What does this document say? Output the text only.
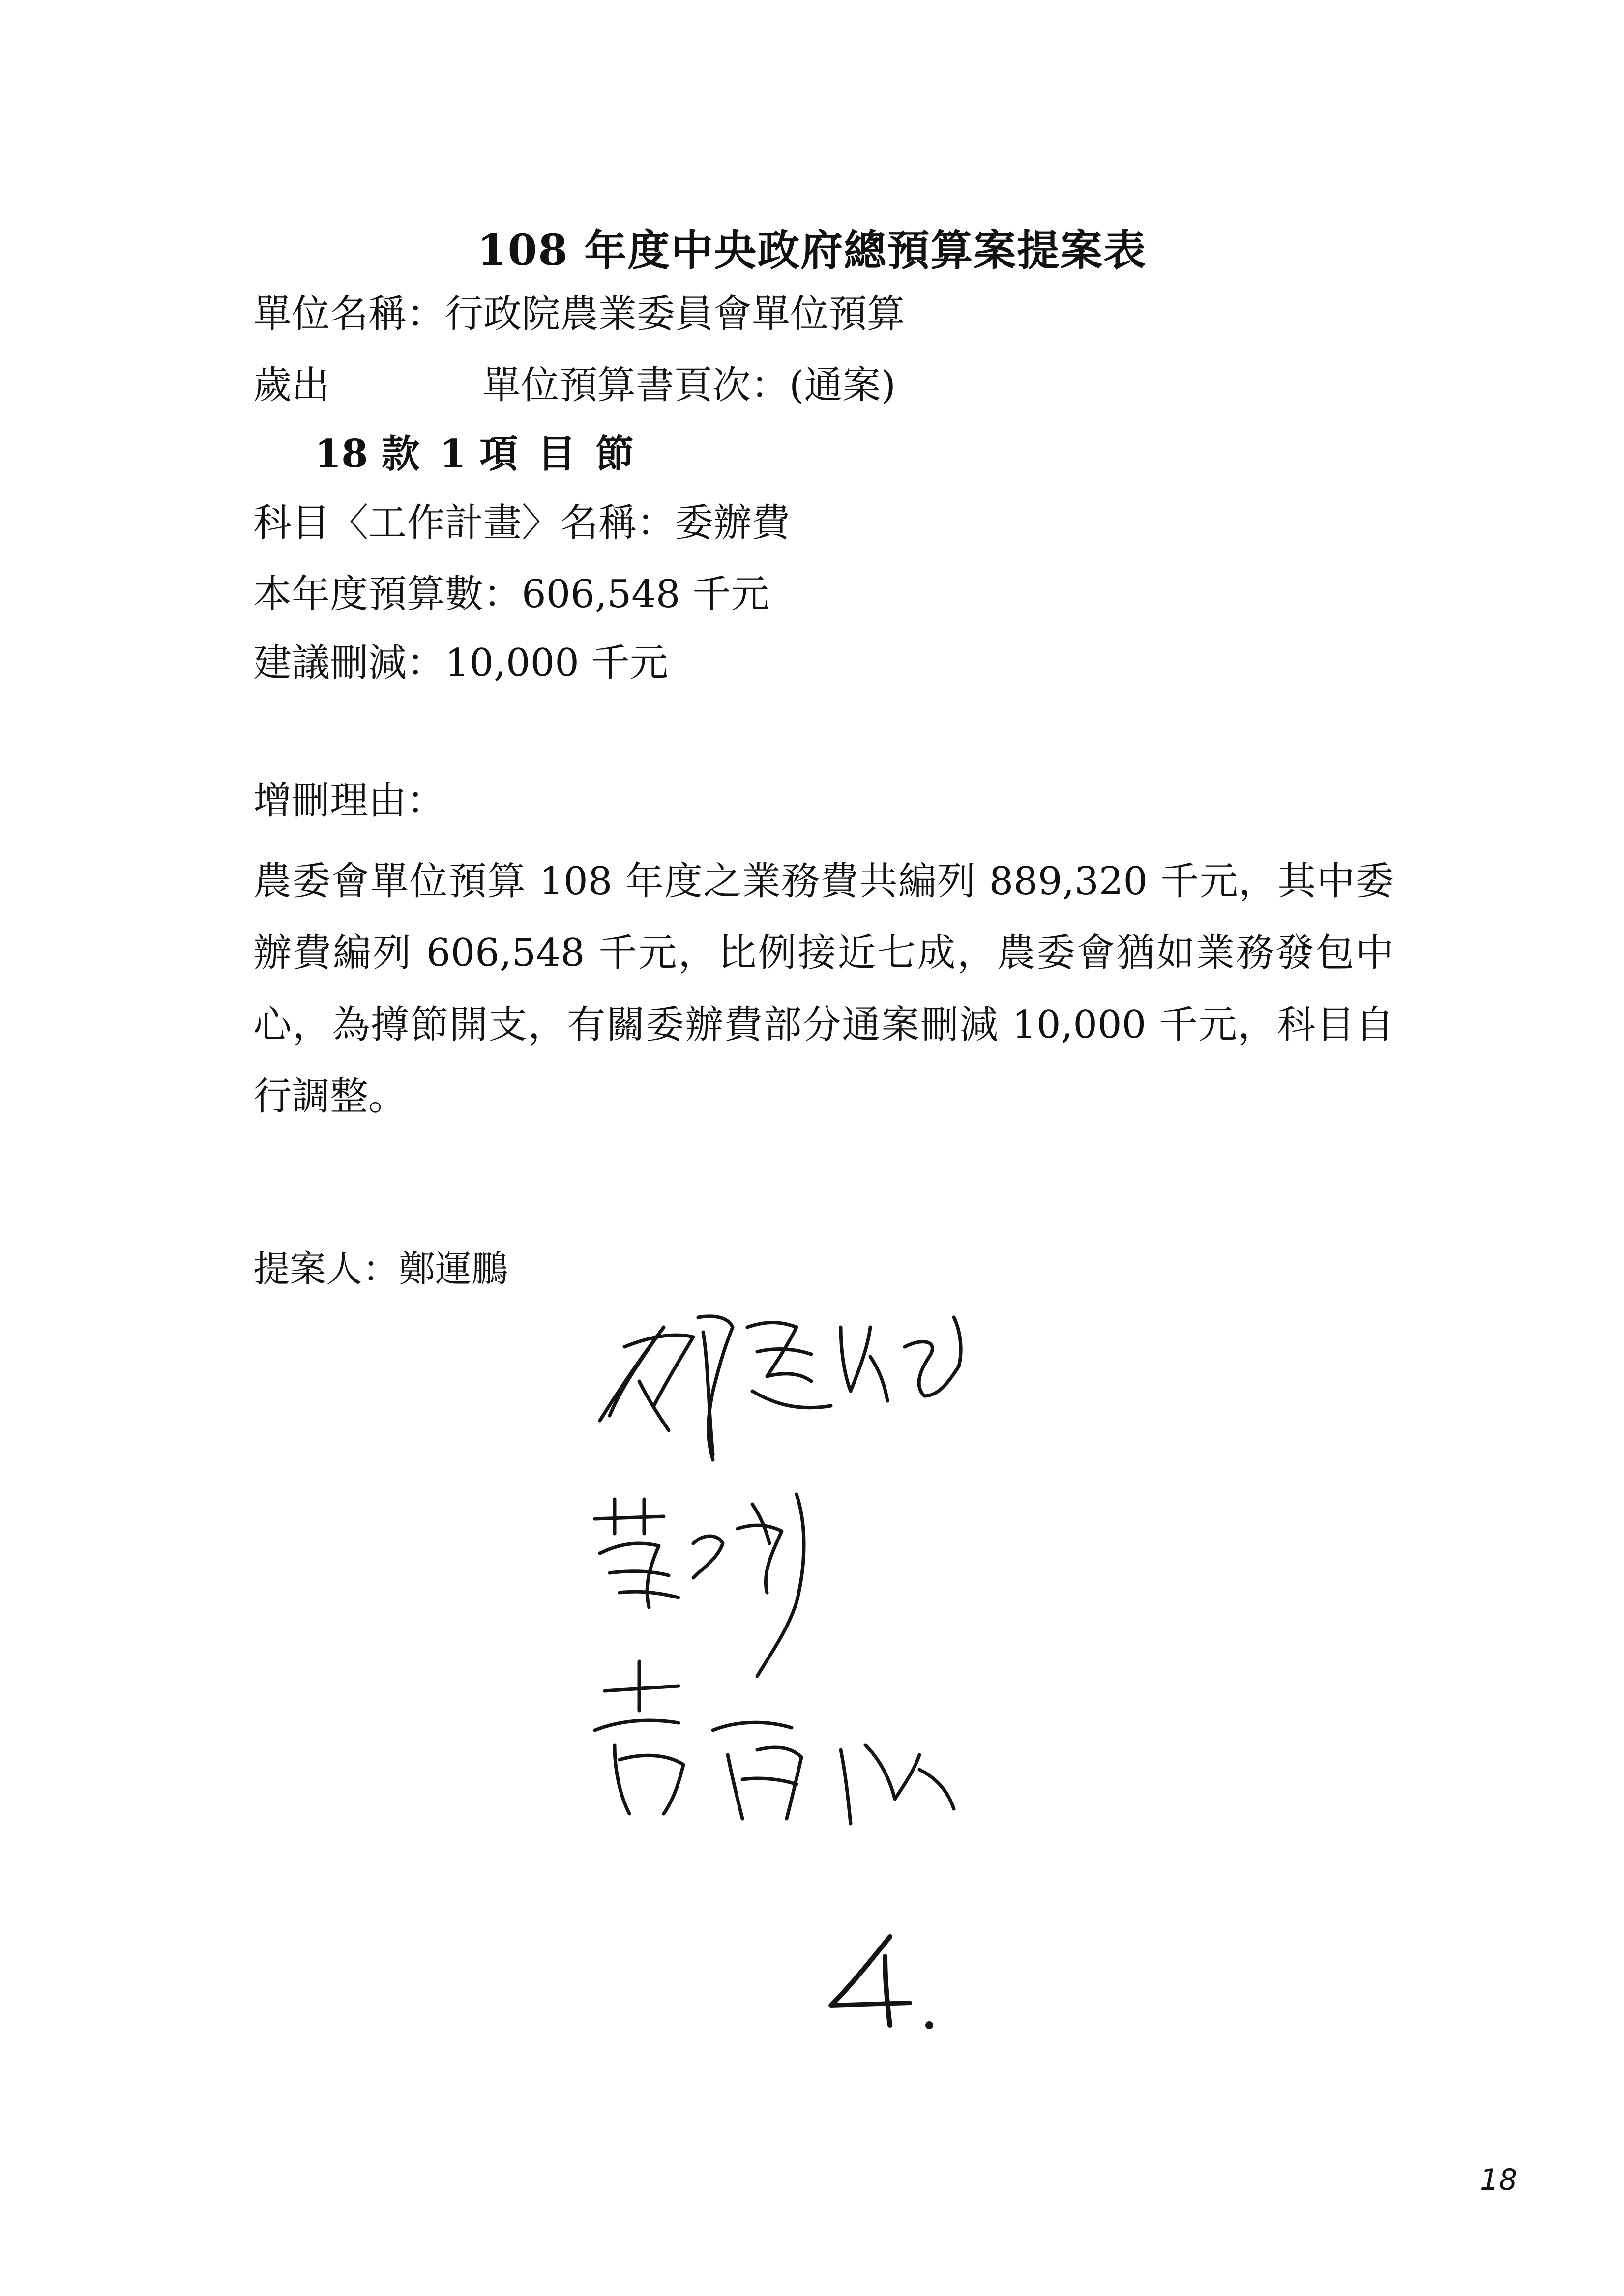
108 年度中央政府總預算案提案表
單位名稱：行政院農業委員會單位預算
歲出	單位預算書頁次：(通案)
18 款 1 項 目 節
科目〈工作計畫〉名稱：委辦費
本年度預算數：606,548 千元
建議刪減：10,000 千元
增刪理由：
農委會單位預算 108 年度之業務費共編列 889,320 千元，其中委辦費編列 606,548 千元，比例接近七成，農委會猶如業務發包中心，為撙節開支，有關委辦費部分通案刪減 10,000 千元，科目自行調整。
提案人：鄭運鵬
18
